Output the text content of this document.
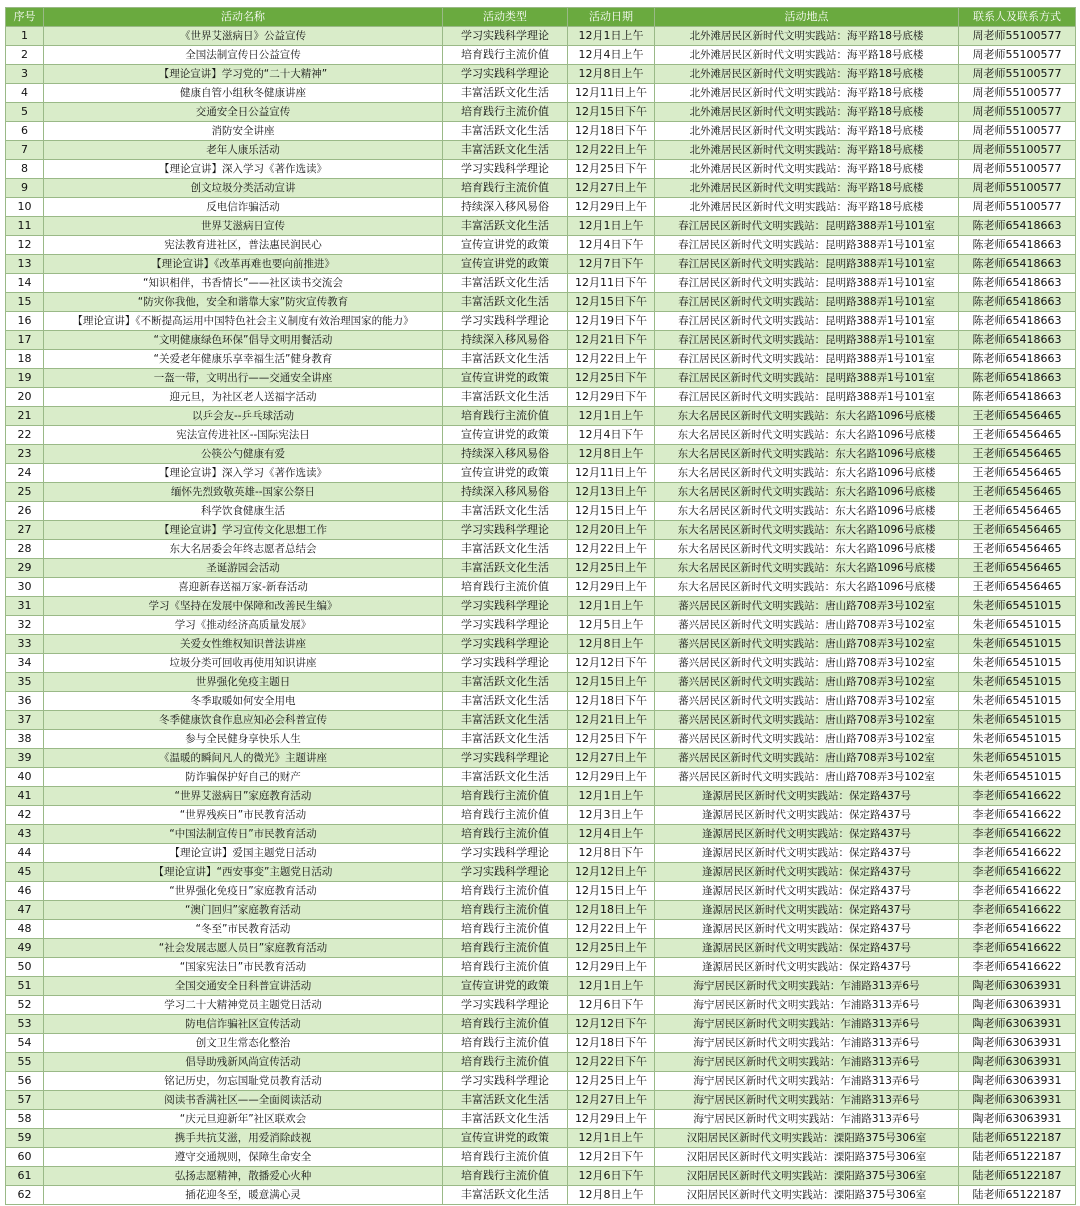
序号	活动名称	活动类型	活动日期	活动地点	联系人及联系方式
1	《世界艾滋病日》公益宣传	学习实践科学理论	12月1日上午	北外滩居民区新时代文明实践站：海平路18号底楼	周老师55100577
2	全国法制宣传日公益宣传	培育践行主流价值	12月4日上午	北外滩居民区新时代文明实践站：海平路18号底楼	周老师55100577
3	【理论宣讲】学习党的“二十大精神”	学习实践科学理论	12月8日上午	北外滩居民区新时代文明实践站：海平路18号底楼	周老师55100577
4	健康自管小组秋冬健康讲座	丰富活跃文化生活	12月11日上午	北外滩居民区新时代文明实践站：海平路18号底楼	周老师55100577
5	交通安全日公益宣传	培育践行主流价值	12月15日下午	北外滩居民区新时代文明实践站：海平路18号底楼	周老师55100577
6	消防安全讲座	丰富活跃文化生活	12月18日下午	北外滩居民区新时代文明实践站：海平路18号底楼	周老师55100577
7	老年人康乐活动	丰富活跃文化生活	12月22日上午	北外滩居民区新时代文明实践站：海平路18号底楼	周老师55100577
8	【理论宣讲】深入学习《著作选读》	学习实践科学理论	12月25日下午	北外滩居民区新时代文明实践站：海平路18号底楼	周老师55100577
9	创文垃圾分类活动宣讲	培育践行主流价值	12月27日上午	北外滩居民区新时代文明实践站：海平路18号底楼	周老师55100577
10	反电信诈骗活动	持续深入移风易俗	12月29日上午	北外滩居民区新时代文明实践站：海平路18号底楼	周老师55100577
11	世界艾滋病日宣传	丰富活跃文化生活	12月1日上午	春江居民区新时代文明实践站：昆明路388弄1号101室	陈老师65418663
12	宪法教育进社区，普法惠民润民心	宣传宣讲党的政策	12月4日下午	春江居民区新时代文明实践站：昆明路388弄1号101室	陈老师65418663
13	【理论宣讲】《改革再难也要向前推进》	宣传宣讲党的政策	12月7日下午	春江居民区新时代文明实践站：昆明路388弄1号101室	陈老师65418663
14	“知识相伴，书香情长”——社区读书交流会	丰富活跃文化生活	12月11日下午	春江居民区新时代文明实践站：昆明路388弄1号101室	陈老师65418663
15	“防灾你我他，安全和谐靠大家”防灾宣传教育	丰富活跃文化生活	12月15日下午	春江居民区新时代文明实践站：昆明路388弄1号101室	陈老师65418663
16	【理论宣讲】《不断提高运用中国特色社会主义制度有效治理国家的能力》	学习实践科学理论	12月19日下午	春江居民区新时代文明实践站：昆明路388弄1号101室	陈老师65418663
17	“文明健康绿色环保”倡导文明用餐活动	持续深入移风易俗	12月21日下午	春江居民区新时代文明实践站：昆明路388弄1号101室	陈老师65418663
18	“关爱老年健康乐享幸福生活”健身教育	丰富活跃文化生活	12月22日上午	春江居民区新时代文明实践站：昆明路388弄1号101室	陈老师65418663
19	一盔一带，文明出行——交通安全讲座	宣传宣讲党的政策	12月25日下午	春江居民区新时代文明实践站：昆明路388弄1号101室	陈老师65418663
20	迎元旦，为社区老人送福字活动	丰富活跃文化生活	12月29日下午	春江居民区新时代文明实践站：昆明路388弄1号101室	陈老师65418663
21	以乒会友--乒乓球活动	培育践行主流价值	12月1日上午	东大名居民区新时代文明实践站：东大名路1096号底楼	王老师65456465
22	宪法宣传进社区--国际宪法日	宣传宣讲党的政策	12月4日下午	东大名居民区新时代文明实践站：东大名路1096号底楼	王老师65456465
23	公筷公勺健康有爱	持续深入移风易俗	12月8日上午	东大名居民区新时代文明实践站：东大名路1096号底楼	王老师65456465
24	【理论宣讲】深入学习《著作选读》	宣传宣讲党的政策	12月11日上午	东大名居民区新时代文明实践站：东大名路1096号底楼	王老师65456465
25	缅怀先烈致敬英雄--国家公祭日	持续深入移风易俗	12月13日上午	东大名居民区新时代文明实践站：东大名路1096号底楼	王老师65456465
26	科学饮食健康生活	丰富活跃文化生活	12月15日上午	东大名居民区新时代文明实践站：东大名路1096号底楼	王老师65456465
27	【理论宣讲】学习宣传文化思想工作	学习实践科学理论	12月20日上午	东大名居民区新时代文明实践站：东大名路1096号底楼	王老师65456465
28	东大名居委会年终志愿者总结会	丰富活跃文化生活	12月22日上午	东大名居民区新时代文明实践站：东大名路1096号底楼	王老师65456465
29	圣诞游园会活动	丰富活跃文化生活	12月25日上午	东大名居民区新时代文明实践站：东大名路1096号底楼	王老师65456465
30	喜迎新春送福万家-新春活动	培育践行主流价值	12月29日上午	东大名居民区新时代文明实践站：东大名路1096号底楼	王老师65456465
31	学习《坚持在发展中保障和改善民生编》	学习实践科学理论	12月1日上午	蕃兴居民区新时代文明实践站：唐山路708弄3号102室	朱老师65451015
32	学习《推动经济高质量发展》	学习实践科学理论	12月5日上午	蕃兴居民区新时代文明实践站：唐山路708弄3号102室	朱老师65451015
33	关爱女性维权知识普法讲座	学习实践科学理论	12月8日上午	蕃兴居民区新时代文明实践站：唐山路708弄3号102室	朱老师65451015
34	垃圾分类可回收再使用知识讲座	学习实践科学理论	12月12日下午	蕃兴居民区新时代文明实践站：唐山路708弄3号102室	朱老师65451015
35	世界强化免疫主题日	丰富活跃文化生活	12月15日上午	蕃兴居民区新时代文明实践站：唐山路708弄3号102室	朱老师65451015
36	冬季取暖如何安全用电	丰富活跃文化生活	12月18日下午	蕃兴居民区新时代文明实践站：唐山路708弄3号102室	朱老师65451015
37	冬季健康饮食作息应知必会科普宣传	丰富活跃文化生活	12月21日上午	蕃兴居民区新时代文明实践站：唐山路708弄3号102室	朱老师65451015
38	参与全民健身享快乐人生	丰富活跃文化生活	12月25日下午	蕃兴居民区新时代文明实践站：唐山路708弄3号102室	朱老师65451015
39	《温暖的瞬间凡人的微光》主题讲座	学习实践科学理论	12月27日上午	蕃兴居民区新时代文明实践站：唐山路708弄3号102室	朱老师65451015
40	防诈骗保护好自己的财产	丰富活跃文化生活	12月29日上午	蕃兴居民区新时代文明实践站：唐山路708弄3号102室	朱老师65451015
41	“世界艾滋病日”家庭教育活动	培育践行主流价值	12月1日上午	逢源居民区新时代文明实践站：保定路437号	李老师65416622
42	“世界残疾日”市民教育活动	培育践行主流价值	12月3日上午	逢源居民区新时代文明实践站：保定路437号	李老师65416622
43	“中国法制宣传日”市民教育活动	培育践行主流价值	12月4日上午	逢源居民区新时代文明实践站：保定路437号	李老师65416622
44	【理论宣讲】爱国主题党日活动	学习实践科学理论	12月8日下午	逢源居民区新时代文明实践站：保定路437号	李老师65416622
45	【理论宣讲】“西安事变”主题党日活动	学习实践科学理论	12月12日上午	逢源居民区新时代文明实践站：保定路437号	李老师65416622
46	“世界强化免疫日”家庭教育活动	培育践行主流价值	12月15日上午	逢源居民区新时代文明实践站：保定路437号	李老师65416622
47	“澳门回归”家庭教育活动	培育践行主流价值	12月18日上午	逢源居民区新时代文明实践站：保定路437号	李老师65416622
48	“冬至”市民教育活动	培育践行主流价值	12月22日上午	逢源居民区新时代文明实践站：保定路437号	李老师65416622
49	“社会发展志愿人员日”家庭教育活动	培育践行主流价值	12月25日上午	逢源居民区新时代文明实践站：保定路437号	李老师65416622
50	“国家宪法日”市民教育活动	培育践行主流价值	12月29日上午	逢源居民区新时代文明实践站：保定路437号	李老师65416622
51	全国交通安全日科普宣讲活动	宣传宣讲党的政策	12月1日上午	海宁居民区新时代文明实践站：乍浦路313弄6号	陶老师63063931
52	学习二十大精神党员主题党日活动	学习实践科学理论	12月6日下午	海宁居民区新时代文明实践站：乍浦路313弄6号	陶老师63063931
53	防电信诈骗社区宣传活动	培育践行主流价值	12月12日下午	海宁居民区新时代文明实践站：乍浦路313弄6号	陶老师63063931
54	创文卫生常态化整治	培育践行主流价值	12月18日下午	海宁居民区新时代文明实践站：乍浦路313弄6号	陶老师63063931
55	倡导助残新风尚宣传活动	培育践行主流价值	12月22日下午	海宁居民区新时代文明实践站：乍浦路313弄6号	陶老师63063931
56	铭记历史，勿忘国耻党员教育活动	学习实践科学理论	12月25日上午	海宁居民区新时代文明实践站：乍浦路313弄6号	陶老师63063931
57	阅读书香满社区——全面阅读活动	丰富活跃文化生活	12月27日上午	海宁居民区新时代文明实践站：乍浦路313弄6号	陶老师63063931
58	“庆元旦迎新年”社区联欢会	丰富活跃文化生活	12月29日上午	海宁居民区新时代文明实践站：乍浦路313弄6号	陶老师63063931
59	携手共抗艾滋，用爱消除歧视	宣传宣讲党的政策	12月1日上午	汉阳居民区新时代文明实践站：溧阳路375号306室	陆老师65122187
60	遵守交通规则，保障生命安全	培育践行主流价值	12月2日下午	汉阳居民区新时代文明实践站：溧阳路375号306室	陆老师65122187
61	弘扬志愿精神，散播爱心火种	培育践行主流价值	12月6日下午	汉阳居民区新时代文明实践站：溧阳路375号306室	陆老师65122187
62	插花迎冬至，暖意满心灵	丰富活跃文化生活	12月8日上午	汉阳居民区新时代文明实践站：溧阳路375号306室	陆老师65122187
